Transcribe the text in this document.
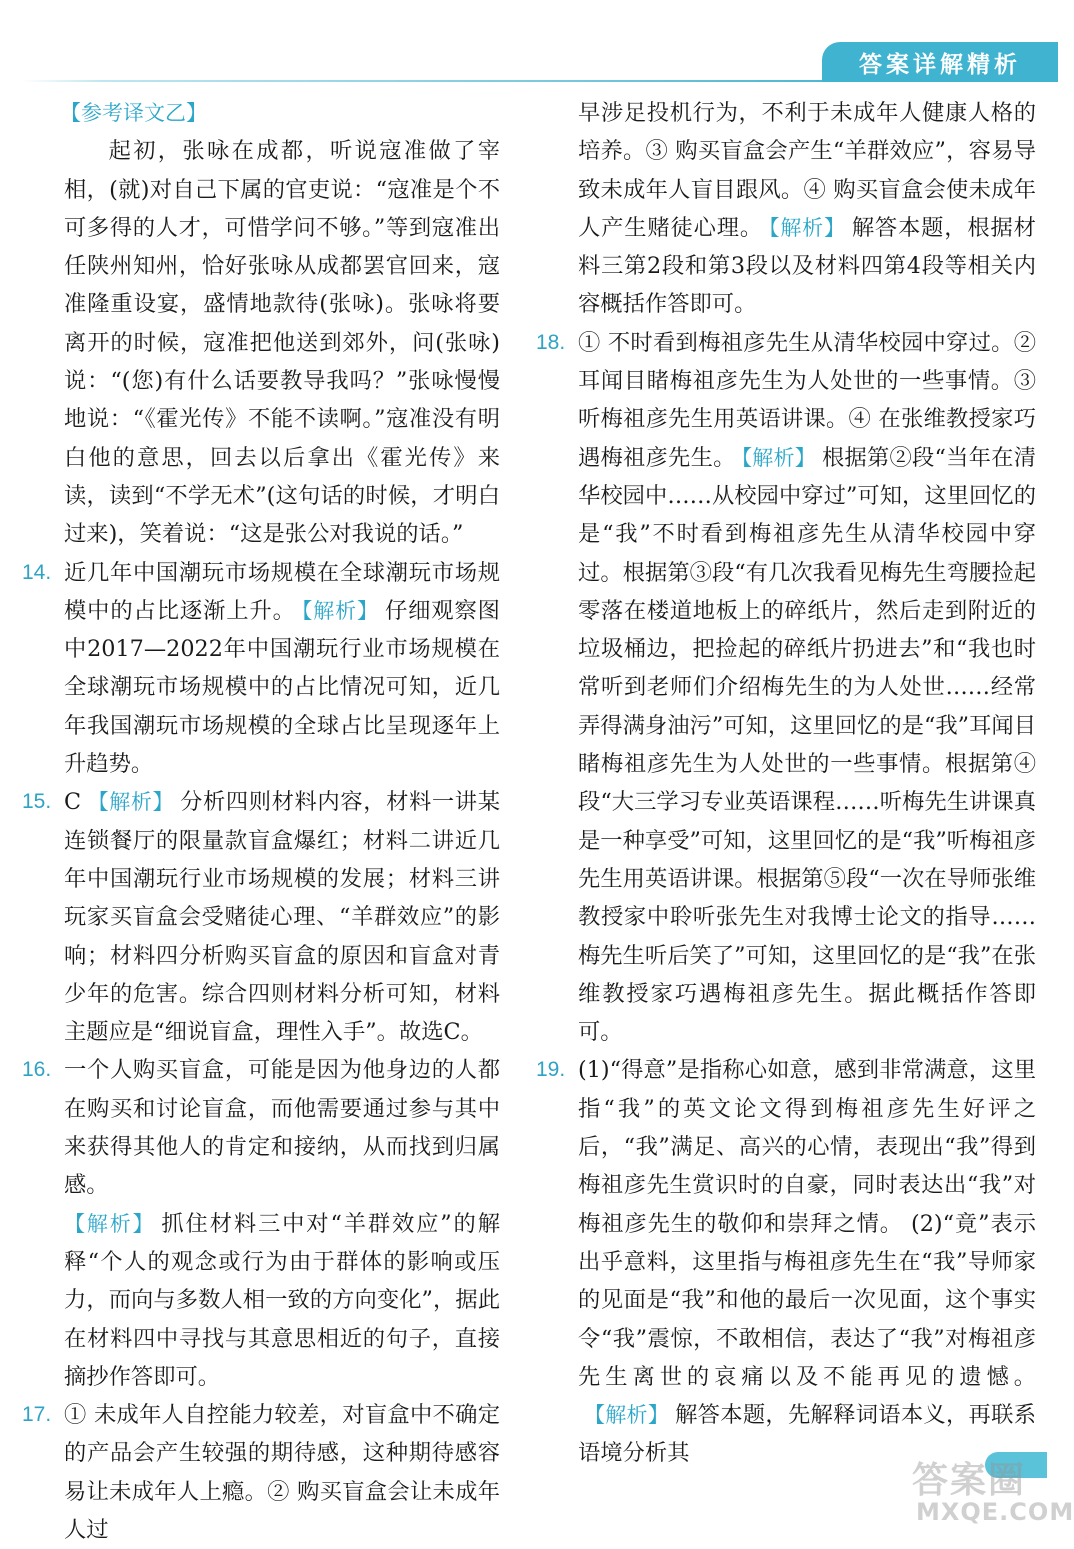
答案详解精析

【参考译文乙】

起初，张咏在成都，听说寇准做了宰相，(就)对自己下属的官吏说：“寇准是个不可多得的人才，可惜学问不够。”等到寇准出任陕州知州，恰好张咏从成都罢官回来，寇准隆重设宴，盛情地款待(张咏)。张咏将要离开的时候，寇准把他送到郊外，问(张咏)说：“(您)有什么话要教导我吗？”张咏慢慢地说：“《霍光传》不能不读啊。”寇准没有明白他的意思，回去以后拿出《霍光传》来读，读到“不学无术”(这句话的时候，才明白过来)，笑着说：“这是张公对我说的话。”

14. 近几年中国潮玩市场规模在全球潮玩市场规模中的占比逐渐上升。 【解析】 仔细观察图中2017—2022年中国潮玩行业市场规模在全球潮玩市场规模中的占比情况可知，近几年我国潮玩市场规模的全球占比呈现逐年上升趋势。

15. C 【解析】 分析四则材料内容，材料一讲某连锁餐厅的限量款盲盒爆红；材料二讲近几年中国潮玩行业市场规模的发展；材料三讲玩家买盲盒会受赌徒心理、“羊群效应”的影响；材料四分析购买盲盒的原因和盲盒对青少年的危害。综合四则材料分析可知，材料主题应是“细说盲盒，理性入手”。故选C。

16. 一个人购买盲盒，可能是因为他身边的人都在购买和讨论盲盒，而他需要通过参与其中来获得其他人的肯定和接纳，从而找到归属感。

【解析】 抓住材料三中对“羊群效应”的解释“个人的观念或行为由于群体的影响或压力，而向与多数人相一致的方向变化”，据此在材料四中寻找与其意思相近的句子，直接摘抄作答即可。

17. ① 未成年人自控能力较差，对盲盒中不确定的产品会产生较强的期待感，这种期待感容易让未成年人上瘾。② 购买盲盒会让未成年人过

早涉足投机行为，不利于未成年人健康人格的培养。③ 购买盲盒会产生“羊群效应”，容易导致未成年人盲目跟风。④ 购买盲盒会使未成年人产生赌徒心理。 【解析】 解答本题，根据材料三第2段和第3段以及材料四第4段等相关内容概括作答即可。

18. ① 不时看到梅祖彦先生从清华校园中穿过。② 耳闻目睹梅祖彦先生为人处世的一些事情。③ 听梅祖彦先生用英语讲课。④ 在张维教授家巧遇梅祖彦先生。 【解析】 根据第②段“当年在清华校园中……从校园中穿过”可知，这里回忆的是“我”不时看到梅祖彦先生从清华校园中穿过。根据第③段“有几次我看见梅先生弯腰捡起零落在楼道地板上的碎纸片，然后走到附近的垃圾桶边，把捡起的碎纸片扔进去”和“我也时常听到老师们介绍梅先生的为人处世……经常弄得满身油污”可知，这里回忆的是“我”耳闻目睹梅祖彦先生为人处世的一些事情。根据第④段“大三学习专业英语课程……听梅先生讲课真是一种享受”可知，这里回忆的是“我”听梅祖彦先生用英语讲课。根据第⑤段“一次在导师张维教授家中聆听张先生对我博士论文的指导……梅先生听后笑了”可知，这里回忆的是“我”在张维教授家巧遇梅祖彦先生。据此概括作答即可。

19. (1)“得意”是指称心如意，感到非常满意，这里指“我”的英文论文得到梅祖彦先生好评之后，“我”满足、高兴的心情，表现出“我”得到梅祖彦先生赏识时的自豪，同时表达出“我”对梅祖彦先生的敬仰和崇拜之情。 (2)“竟”表示出乎意料，这里指与梅祖彦先生在“我”导师家的见面是“我”和他的最后一次见面，这个事实令“我”震惊，不敢相信，表达了“我”对梅祖彦先生离世的哀痛以及不能再见的遗憾。【解析】 解答本题，先解释词语本义，再联系语境分析其

答案圈
MXQE.COM
